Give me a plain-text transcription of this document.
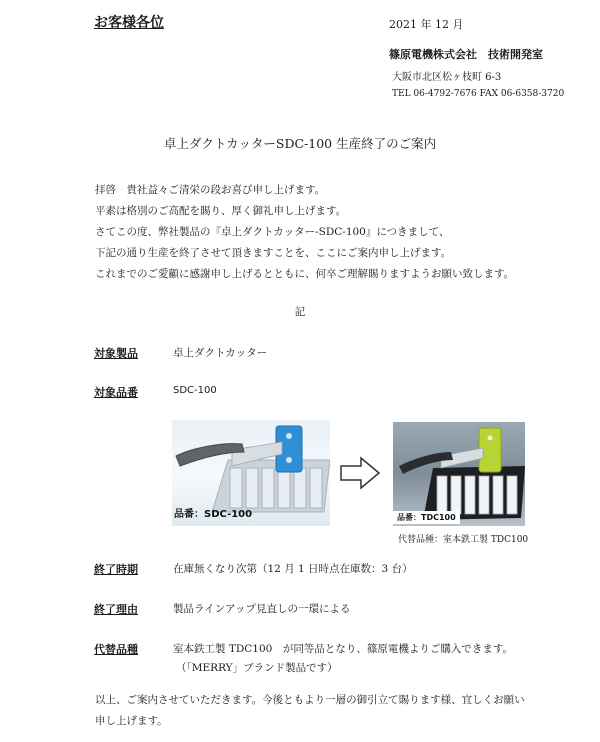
お客様各位	2021 年 12 月
篠原電機株式会社　技術開発室
大阪市北区松ヶ枝町 6-3
TEL 06-4792-7676 FAX 06-6358-3720
卓上ダクトカッターSDC-100 生産終了のご案内
拝啓　貴社益々ご清栄の段お喜び申し上げます。
平素は格別のご高配を賜り、厚く御礼申し上げます。
さてこの度、弊社製品の『卓上ダクトカッター-SDC-100』につきまして、
下記の通り生産を終了させて頂きますことを、ここにご案内申し上げます。
これまでのご愛顧に感謝申し上げるとともに、何卒ご理解賜りますようお願い致します。
記
対象製品	卓上ダクトカッター
対象品番	SDC-100
品番：SDC-100	品番：TDC100
代替品種：室本鉄工製 TDC100
終了時期	在庫無くなり次第（12 月 1 日時点在庫数：3 台）
終了理由	製品ラインアップ見直しの一環による
代替品種	室本鉄工製 TDC100　が同等品となり、篠原電機よりご購入できます。
（「MERRY」ブランド製品です）
以上、ご案内させていただきます。今後ともより一層の御引立て賜ります様、宜しくお願い
申し上げます。
